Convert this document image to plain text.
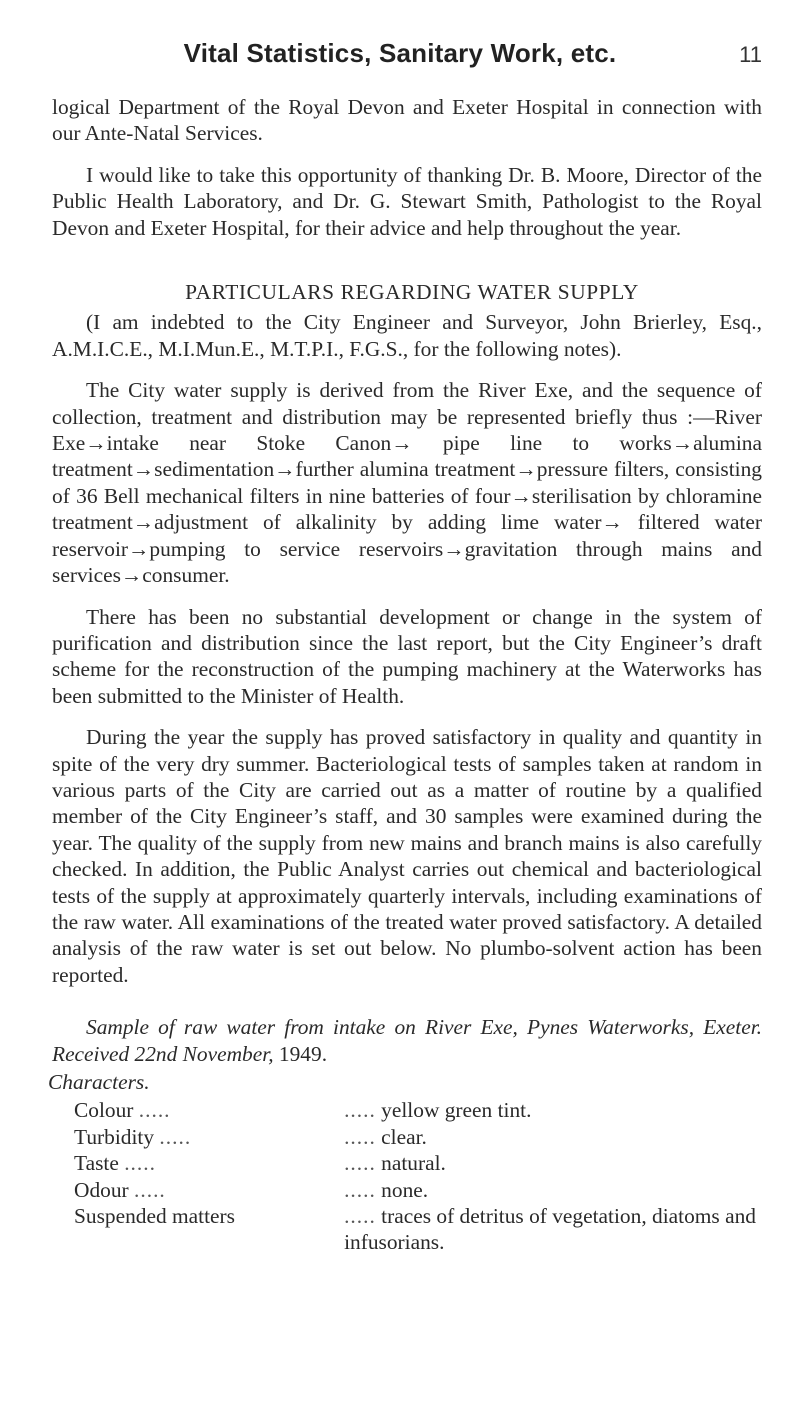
Vital Statistics, Sanitary Work, etc.	11

logical Department of the Royal Devon and Exeter Hospital in connection with our Ante-Natal Services.

I would like to take this opportunity of thanking Dr. B. Moore, Director of the Public Health Laboratory, and Dr. G. Stewart Smith, Pathologist to the Royal Devon and Exeter Hospital, for their advice and help throughout the year.

PARTICULARS REGARDING WATER SUPPLY

(I am indebted to the City Engineer and Surveyor, John Brierley, Esq., A.M.I.C.E., M.I.Mun.E., M.T.P.I., F.G.S., for the following notes).

The City water supply is derived from the River Exe, and the sequence of collection, treatment and distribution may be represented briefly thus :—River Exe→intake near Stoke Canon→ pipe line to works→alumina treatment→sedimentation→further alumina treatment→pressure filters, consisting of 36 Bell mechanical filters in nine batteries of four→sterilisation by chloramine treatment→adjustment of alkalinity by adding lime water→ filtered water reservoir→pumping to service reservoirs→gravitation through mains and services→consumer.

There has been no substantial development or change in the system of purification and distribution since the last report, but the City Engineer’s draft scheme for the reconstruction of the pumping machinery at the Waterworks has been submitted to the Minister of Health.

During the year the supply has proved satisfactory in quality and quantity in spite of the very dry summer. Bacteriological tests of samples taken at random in various parts of the City are carried out as a matter of routine by a qualified member of the City Engineer’s staff, and 30 samples were examined during the year. The quality of the supply from new mains and branch mains is also carefully checked. In addition, the Public Analyst carries out chemical and bacteriological tests of the supply at approximately quarterly intervals, including examinations of the raw water. All examinations of the treated water proved satisfactory. A detailed analysis of the raw water is set out below. No plumbo-solvent action has been reported.

Sample of raw water from intake on River Exe, Pynes Waterworks, Exeter. Received 22nd November, 1949.

Characters.
Colour .....	..... yellow green tint.
Turbidity .....	..... clear.
Taste .....	..... natural.
Odour .....	..... none.
Suspended matters	..... traces of detritus of vegetation, diatoms and infusorians.
